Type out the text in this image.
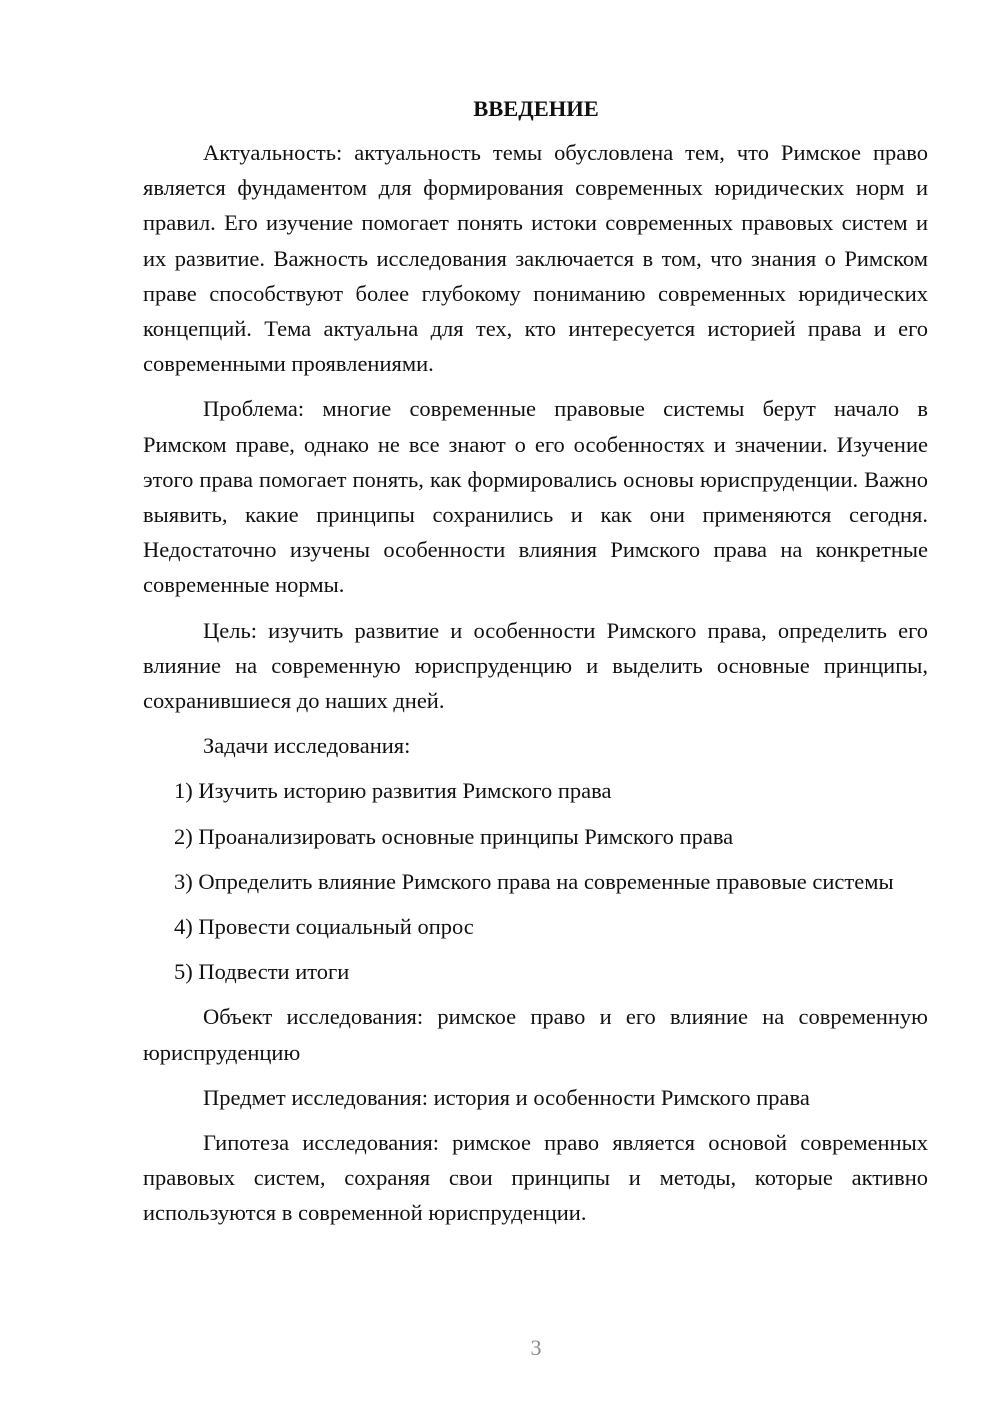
ВВЕДЕНИЕ

Актуальность: актуальность темы обусловлена тем, что Римское право является фундаментом для формирования современных юридических норм и правил. Его изучение помогает понять истоки современных правовых систем и их развитие. Важность исследования заключается в том, что знания о Римском праве способствуют более глубокому пониманию современных юридических концепций. Тема актуальна для тех, кто интересуется историей права и его современными проявлениями.

Проблема: многие современные правовые системы берут начало в Римском праве, однако не все знают о его особенностях и значении. Изучение этого права помогает понять, как формировались основы юриспруденции. Важно выявить, какие принципы сохранились и как они применяются сегодня. Недостаточно изучены особенности влияния Римского права на конкретные современные нормы.

Цель: изучить развитие и особенности Римского права, определить его влияние на современную юриспруденцию и выделить основные принципы, сохранившиеся до наших дней.

Задачи исследования:

1) Изучить историю развития Римского права

2) Проанализировать основные принципы Римского права

3) Определить влияние Римского права на современные правовые системы

4) Провести социальный опрос

5) Подвести итоги

Объект исследования: римское право и его влияние на современную юриспруденцию

Предмет исследования: история и особенности Римского права

Гипотеза исследования: римское право является основой современных правовых систем, сохраняя свои принципы и методы, которые активно используются в современной юриспруденции.

3
